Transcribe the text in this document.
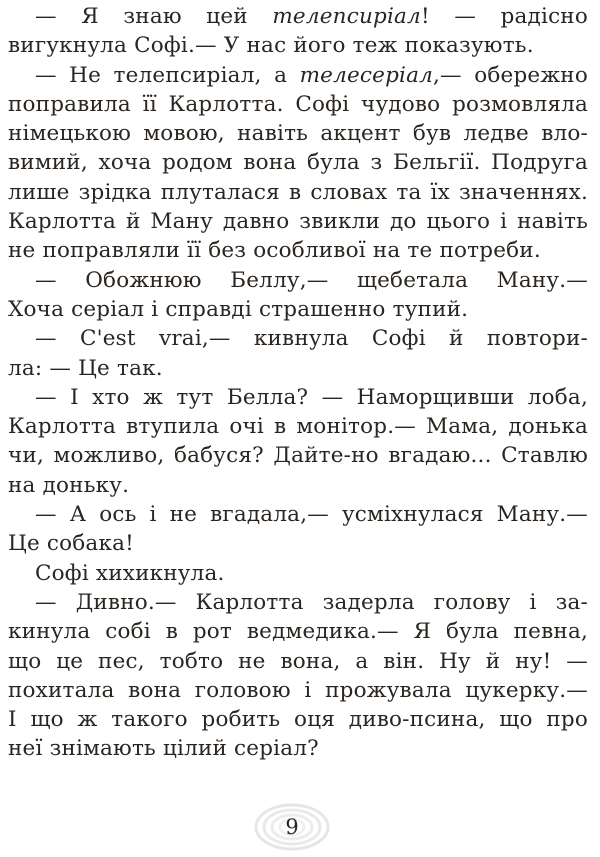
— Я знаю цей телепсиріал! — радісно
вигукнула Софі.— У нас його теж показують.
— Не телепсиріал, а телесеріал,— обережно
поправила її Карлотта. Софі чудово розмовляла
німецькою мовою, навіть акцент був ледве вло-
вимий, хоча родом вона була з Бельгії. Подруга
лише зрідка плуталася в словах та їх значеннях.
Карлотта й Ману давно звикли до цього і навіть
не поправляли її без особливої на те потреби.
— Обожнюю Беллу,— щебетала Ману.—
Хоча серіал і справді страшенно тупий.
— C'est vrai,— кивнула Софі й повтори-
ла: — Це так.
— І хто ж тут Белла? — Наморщивши лоба,
Карлотта втупила очі в монітор.— Мама, донька
чи, можливо, бабуся? Дайте-но вгадаю... Ставлю
на доньку.
— А ось і не вгадала,— усміхнулася Ману.—
Це собака!
Софі хихикнула.
— Дивно.— Карлотта задерла голову і за-
кинула собі в рот ведмедика.— Я була певна,
що це пес, тобто не вона, а він. Ну й ну! —
похитала вона головою і прожувала цукерку.—
І що ж такого робить оця диво-псина, що про
неї знімають цілий серіал?
9
